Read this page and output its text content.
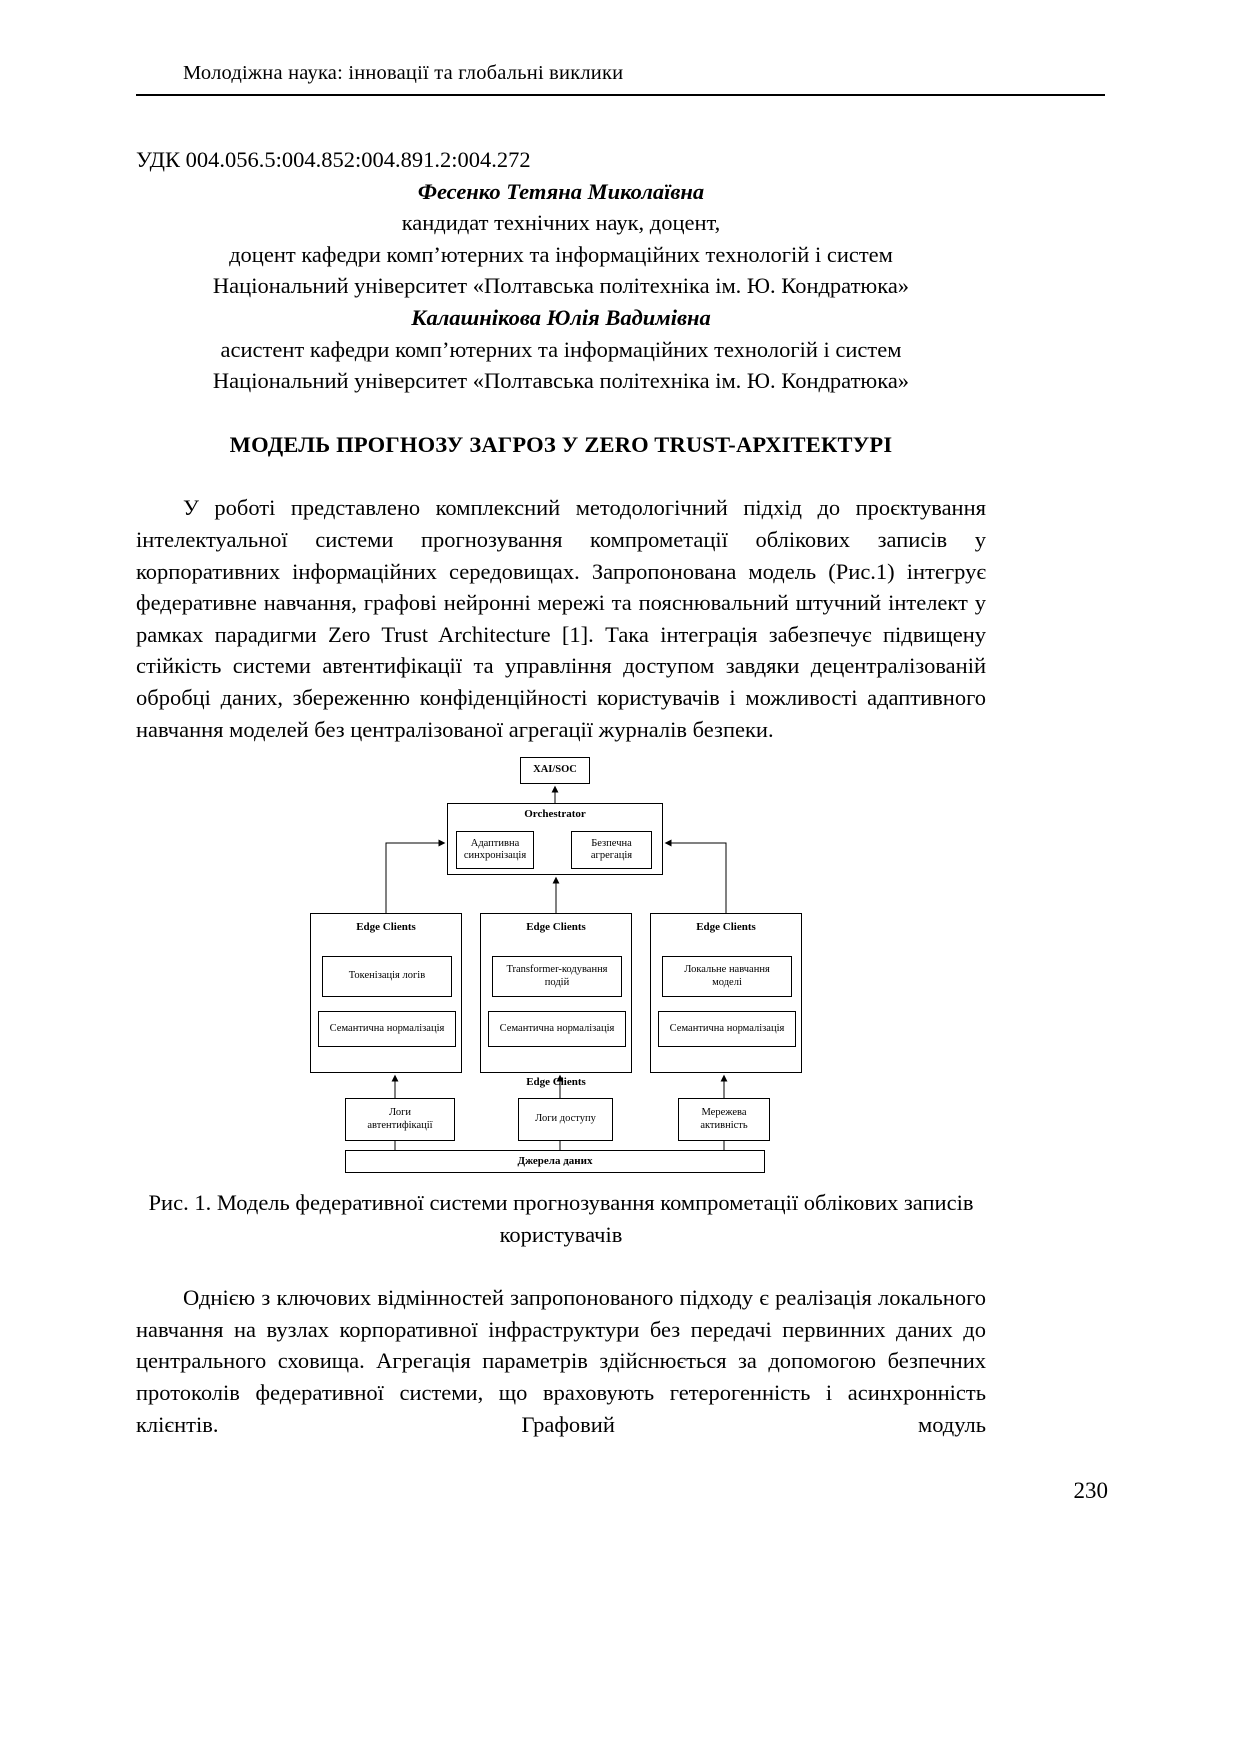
Молодіжна наука: інновації та глобальні виклики
УДК 004.056.5:004.852:004.891.2:004.272
Фесенко Тетяна Миколаївна
кандидат технічних наук, доцент,
доцент кафедри комп’ютерних та інформаційних технологій і систем
Національний університет «Полтавська політехніка ім. Ю. Кондратюка»
Калашнікова Юлія Вадимівна
асистент кафедри комп’ютерних та інформаційних технологій і систем
Національний університет «Полтавська політехніка ім. Ю. Кондратюка»
МОДЕЛЬ ПРОГНОЗУ ЗАГРОЗ У ZERO TRUST-АРХІТЕКТУРІ
У роботі представлено комплексний методологічний підхід до проєктування інтелектуальної системи прогнозування компрометації облікових записів у корпоративних інформаційних середовищах. Запропонована модель (Рис.1) інтегрує федеративне навчання, графові нейронні мережі та пояснювальний штучний інтелект у рамках парадигми Zero Trust Architecture [1]. Така інтеграція забезпечує підвищену стійкість системи автентифікації та управління доступом завдяки децентралізованій обробці даних, збереженню конфіденційності користувачів і можливості адаптивного навчання моделей без централізованої агрегації журналів безпеки.
XAI/SOC
Orchestrator
Адаптивна синхронізація
Безпечна агрегація
Edge Clients
Токенізація логів
Семантична нормалізація
Edge Clients
Transformer-кодування подій
Семантична нормалізація
Edge Clients
Локальне навчання моделі
Семантична нормалізація
Edge Clients
Логи автентифікації
Логи доступу
Мережева активність
Джерела даних
Рис. 1. Модель федеративної системи прогнозування компрометації облікових записів користувачів
Однією з ключових відмінностей запропонованого підходу є реалізація локального навчання на вузлах корпоративної інфраструктури без передачі первинних даних до центрального сховища. Агрегація параметрів здійснюється за допомогою безпечних протоколів федеративної системи, що враховують гетерогенність і асинхронність клієнтів. Графовий модуль
230
